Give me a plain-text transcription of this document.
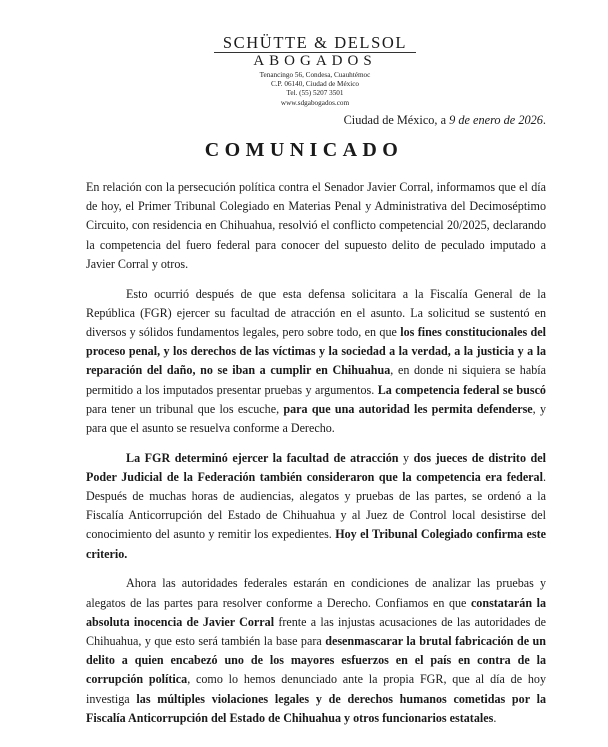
SCHÜTTE & DELSOL
ABOGADOS
Tenancingo 56, Condesa, Cuauhtémoc
C.P. 06140, Ciudad de México
Tel. (55) 5207 3501
www.sdgabogados.com
Ciudad de México, a 9 de enero de 2026.
COMUNICADO

En relación con la persecución política contra el Senador Javier Corral, informamos que el día de hoy, el Primer Tribunal Colegiado en Materias Penal y Administrativa del Decimoséptimo Circuito, con residencia en Chihuahua, resolvió el conflicto competencial 20/2025, declarando la competencia del fuero federal para conocer del supuesto delito de peculado imputado a Javier Corral y otros.

Esto ocurrió después de que esta defensa solicitara a la Fiscalía General de la República (FGR) ejercer su facultad de atracción en el asunto. La solicitud se sustentó en diversos y sólidos fundamentos legales, pero sobre todo, en que los fines constitucionales del proceso penal, y los derechos de las víctimas y la sociedad a la verdad, a la justicia y a la reparación del daño, no se iban a cumplir en Chihuahua, en donde ni siquiera se había permitido a los imputados presentar pruebas y argumentos. La competencia federal se buscó para tener un tribunal que los escuche, para que una autoridad les permita defenderse, y para que el asunto se resuelva conforme a Derecho.

La FGR determinó ejercer la facultad de atracción y dos jueces de distrito del Poder Judicial de la Federación también consideraron que la competencia era federal. Después de muchas horas de audiencias, alegatos y pruebas de las partes, se ordenó a la Fiscalía Anticorrupción del Estado de Chihuahua y al Juez de Control local desistirse del conocimiento del asunto y remitir los expedientes. Hoy el Tribunal Colegiado confirma este criterio.

Ahora las autoridades federales estarán en condiciones de analizar las pruebas y alegatos de las partes para resolver conforme a Derecho. Confiamos en que constatarán la absoluta inocencia de Javier Corral frente a las injustas acusaciones de las autoridades de Chihuahua, y que esto será también la base para desenmascarar la brutal fabricación de un delito a quien encabezó uno de los mayores esfuerzos en el país en contra de la corrupción política, como lo hemos denunciado ante la propia FGR, que al día de hoy investiga las múltiples violaciones legales y de derechos humanos cometidas por la Fiscalía Anticorrupción del Estado de Chihuahua y otros funcionarios estatales.
